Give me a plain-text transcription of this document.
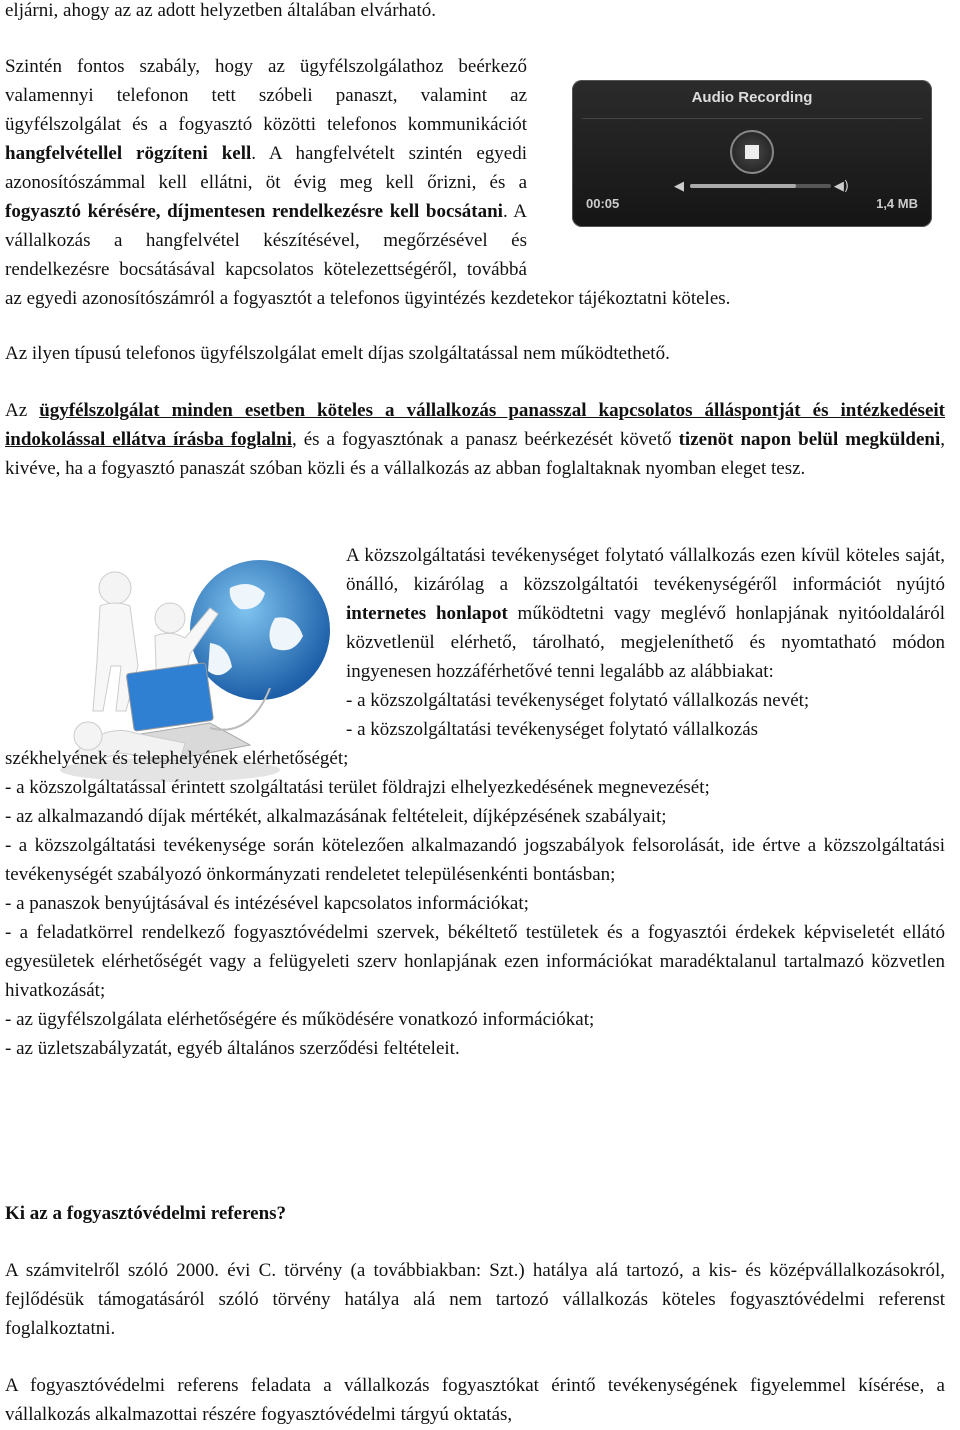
eljárni, ahogy az az adott helyzetben általában elvárható.

Audio Recording
◀	◀)
00:05	1,4 MB

Szintén fontos szabály, hogy az ügyfélszolgálathoz beérkező valamennyi telefonon tett szóbeli panaszt, valamint az ügyfélszolgálat és a fogyasztó közötti telefonos kommunikációt hangfelvétellel rögzíteni kell. A hangfelvételt szintén egyedi azonosítószámmal kell ellátni, öt évig meg kell őrizni, és a fogyasztó kérésére, díjmentesen rendelkezésre kell bocsátani. A vállalkozás a hangfelvétel készítésével, megőrzésével és rendelkezésre bocsátásával kapcsolatos kötelezettségéről, továbbá az egyedi azonosítószámról a fogyasztót a telefonos ügyintézés kezdetekor tájékoztatni köteles.

Az ilyen típusú telefonos ügyfélszolgálat emelt díjas szolgáltatással nem működtethető.

Az ügyfélszolgálat minden esetben köteles a vállalkozás panasszal kapcsolatos álláspontját és intézkedéseit indokolással ellátva írásba foglalni, és a fogyasztónak a panasz beérkezését követő tizenöt napon belül megküldeni, kivéve, ha a fogyasztó panaszát szóban közli és a vállalkozás az abban foglaltaknak nyomban eleget tesz.

A közszolgáltatási tevékenységet folytató vállalkozás ezen kívül köteles saját, önálló, kizárólag a közszolgáltatói tevékenységéről információt nyújtó internetes honlapot működtetni vagy meglévő honlapjának nyitóoldaláról közvetlenül elérhető, tárolható, megjeleníthető és nyomtatható módon ingyenesen hozzáférhetővé tenni legalább az alábbiakat:

- a közszolgáltatási tevékenységet folytató vállalkozás nevét;

- a közszolgáltatási tevékenységet folytató vállalkozás

székhelyének és telephelyének elérhetőségét;

- a közszolgáltatással érintett szolgáltatási terület földrajzi elhelyezkedésének megnevezését;

- az alkalmazandó díjak mértékét, alkalmazásának feltételeit, díjképzésének szabályait;

- a közszolgáltatási tevékenysége során kötelezően alkalmazandó jogszabályok felsorolását, ide értve a közszolgáltatási tevékenységét szabályozó önkormányzati rendeletet településenkénti bontásban;

- a panaszok benyújtásával és intézésével kapcsolatos információkat;

- a feladatkörrel rendelkező fogyasztóvédelmi szervek, békéltető testületek és a fogyasztói érdekek képviseletét ellátó egyesületek elérhetőségét vagy a felügyeleti szerv honlapjának ezen információkat maradéktalanul tartalmazó közvetlen hivatkozását;

- az ügyfélszolgálata elérhetőségére és működésére vonatkozó információkat;

- az üzletszabályzatát, egyéb általános szerződési feltételeit.

Ki az a fogyasztóvédelmi referens?

A számvitelről szóló 2000. évi C. törvény (a továbbiakban: Szt.) hatálya alá tartozó, a kis- és középvállalkozásokról, fejlődésük támogatásáról szóló törvény hatálya alá nem tartozó vállalkozás köteles fogyasztóvédelmi referenst foglalkoztatni.

A fogyasztóvédelmi referens feladata a vállalkozás fogyasztókat érintő tevékenységének figyelemmel kísérése, a vállalkozás alkalmazottai részére fogyasztóvédelmi tárgyú oktatás,
